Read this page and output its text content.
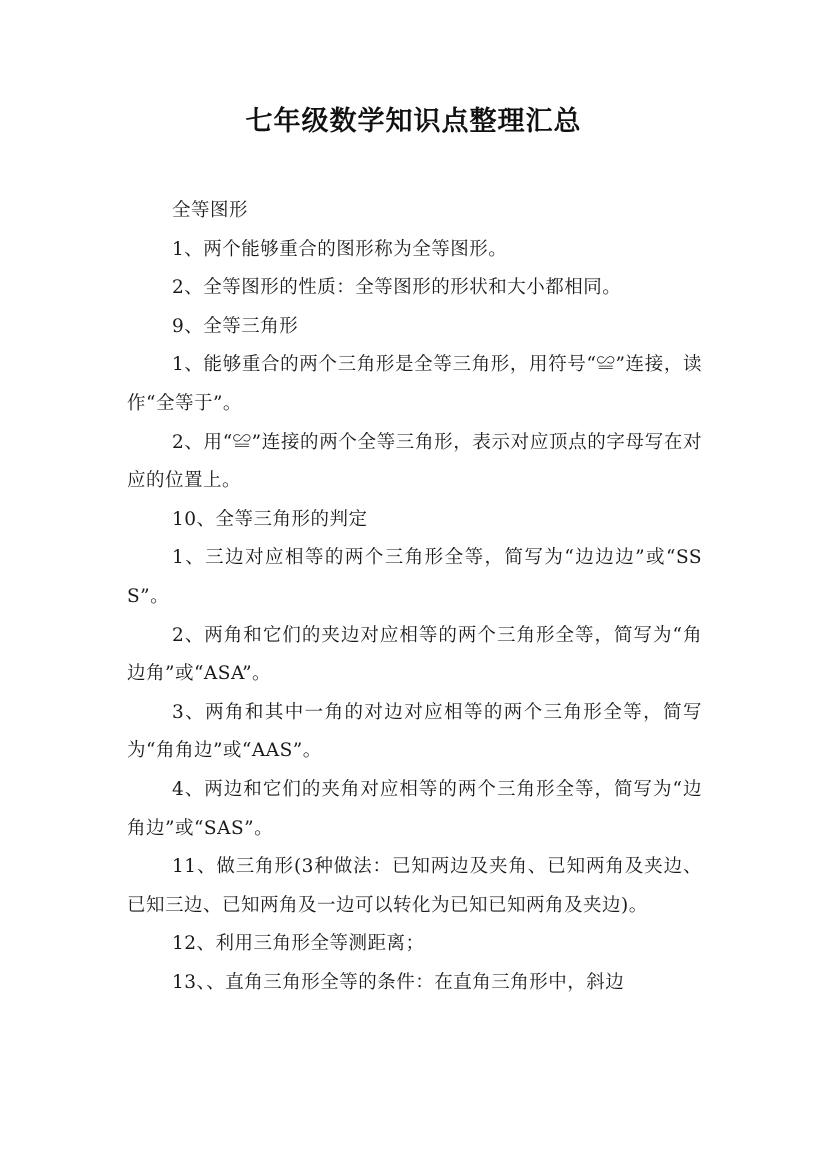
七年级数学知识点整理汇总

全等图形

1、两个能够重合的图形称为全等图形。

2、全等图形的性质：全等图形的形状和大小都相同。

9、全等三角形

1、能够重合的两个三角形是全等三角形，用符号“≌”连接，读作“全等于”。

2、用“≌”连接的两个全等三角形，表示对应顶点的字母写在对应的位置上。

10、全等三角形的判定

1、三边对应相等的两个三角形全等，简写为“边边边”或“SSS”。

2、两角和它们的夹边对应相等的两个三角形全等，简写为“角边角”或“ASA”。

3、两角和其中一角的对边对应相等的两个三角形全等，简写为“角角边”或“AAS”。

4、两边和它们的夹角对应相等的两个三角形全等，简写为“边角边”或“SAS”。

11、做三角形(3种做法：已知两边及夹角、已知两角及夹边、已知三边、已知两角及一边可以转化为已知已知两角及夹边)。

12、利用三角形全等测距离；

13、、直角三角形全等的条件：在直角三角形中，斜边
